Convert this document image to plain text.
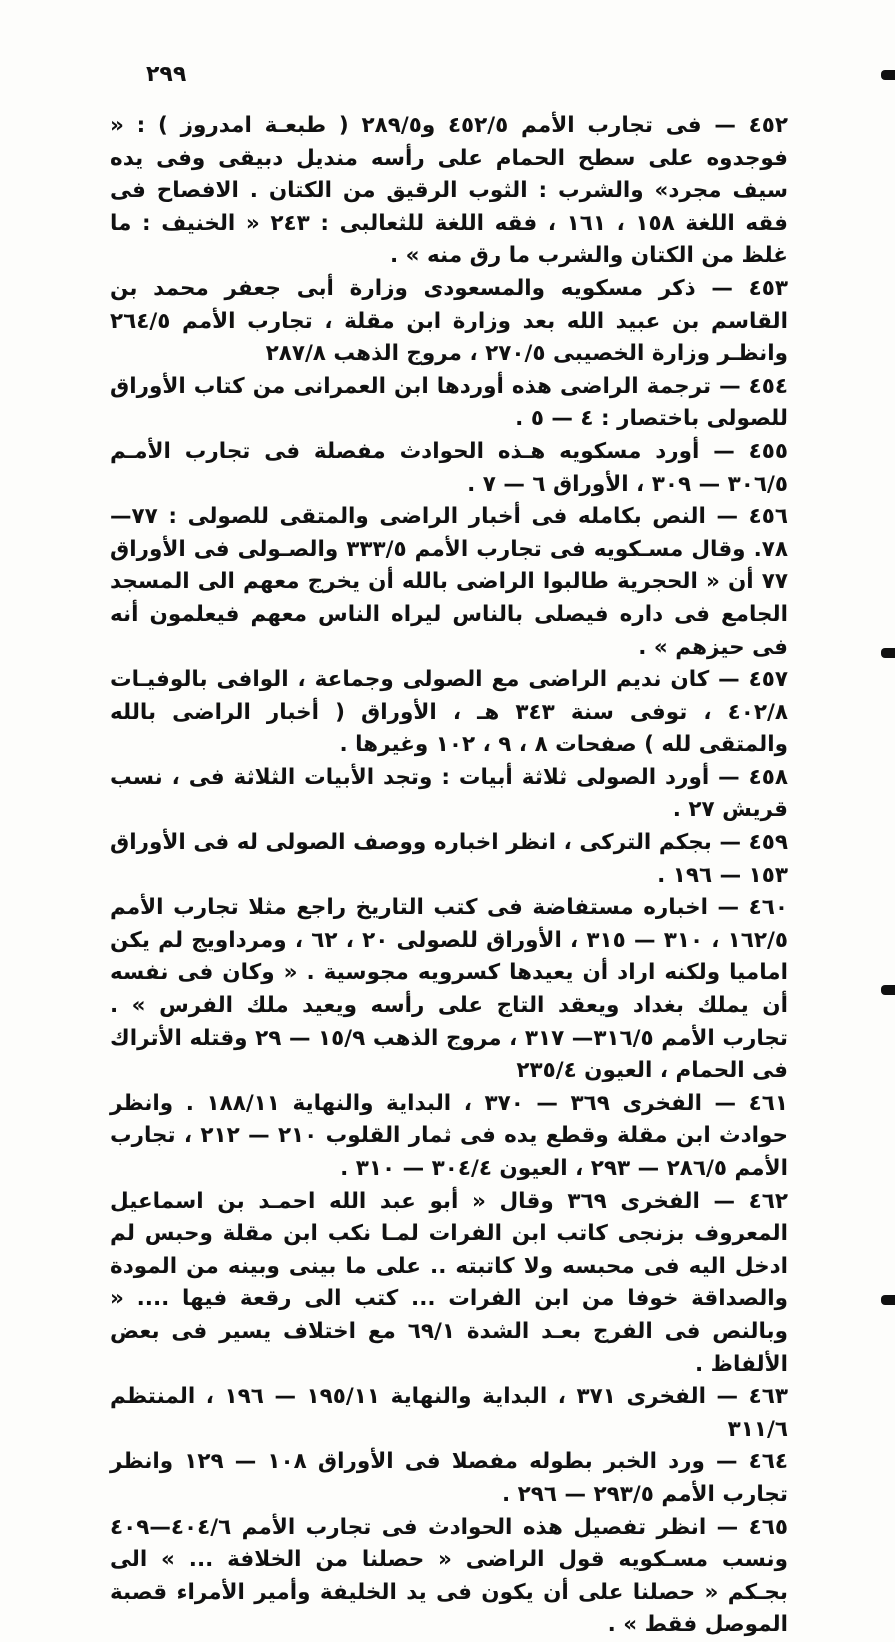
٢٩٩

٤٥٢ — فى تجارب الأمم ٤٥٢/٥ و٢٨٩/٥ ( طبعـة امدروز ) : « فوجدوه على سطح الحمام على رأسه منديل دبيقى وفى يده سيف مجرد» والشرب : الثوب الرقيق من الكتان . الافصاح فى فقه اللغة ١٥٨ ، ١٦١ ، فقه اللغة للثعالبى : ٢٤٣ « الخنيف : ما غلظ من الكتان والشرب ما رق منه » .

٤٥٣ — ذكر مسكويه والمسعودى وزارة أبى جعفر محمد بن القاسم بن عبيد الله بعد وزارة ابن مقلة ، تجارب الأمم ٢٦٤/٥ وانظـر وزارة الخصيبى ٢٧٠/٥ ، مروج الذهب ٢٨٧/٨

٤٥٤ — ترجمة الراضى هذه أوردها ابن العمرانى من كتاب الأوراق للصولى باختصار : ٤ — ٥ .

٤٥٥ — أورد مسكويه هـذه الحوادث مفصلة فى تجارب الأمـم ٣٠٦/٥ — ٣٠٩ ، الأوراق ٦ — ٧ .

٤٥٦ — النص بكامله فى أخبار الراضى والمتقى للصولى : ٧٧—٧٨. وقال مسـكويه فى تجارب الأمم ٣٣٣/٥ والصـولى فى الأوراق ٧٧ أن « الحجرية طالبوا الراضى بالله أن يخرج معهم الى المسجد الجامع فى داره فيصلى بالناس ليراه الناس معهم فيعلمون أنه فى حيزهم » .

٤٥٧ — كان نديم الراضى مع الصولى وجماعة ، الوافى بالوفيـات ٤٠٢/٨ ، توفى سنة ٣٤٣ هـ ، الأوراق ( أخبار الراضى بالله والمتقى لله ) صفحات ٨ ، ٩ ، ١٠٢ وغيرها .

٤٥٨ — أورد الصولى ثلاثة أبيات : وتجد الأبيات الثلاثة فى ، نسب قريش ٢٧ .

٤٥٩ — بجكم التركى ، انظر اخباره ووصف الصولى له فى الأوراق ١٥٣ — ١٩٦ .

٤٦٠ — اخباره مستفاضة فى كتب التاريخ راجع مثلا تجارب الأمم ١٦٢/٥ ، ٣١٠ — ٣١٥ ، الأوراق للصولى ٢٠ ، ٦٢ ، ومرداويج لم يكن اماميا ولكنه اراد أن يعيدها كسرويه مجوسية . « وكان فى نفسه أن يملك بغداد ويعقد التاج على رأسه ويعيد ملك الفرس » . تجارب الأمم ٣١٦/٥— ٣١٧ ، مروج الذهب ١٥/٩ — ٢٩ وقتله الأتراك فى الحمام ، العيون ٢٣٥/٤

٤٦١ — الفخرى ٣٦٩ — ٣٧٠ ، البداية والنهاية ١٨٨/١١ . وانظر حوادث ابن مقلة وقطع يده فى ثمار القلوب ٢١٠ — ٢١٢ ، تجارب الأمم ٢٨٦/٥ — ٢٩٣ ، العيون ٣٠٤/٤ — ٣١٠ .

٤٦٢ — الفخرى ٣٦٩ وقال « أبو عبد الله احمـد بن اسماعيل المعروف بزنجى كاتب ابن الفرات لمـا نكب ابن مقلة وحبس لم ادخل اليه فى محبسه ولا كاتبته .. على ما بينى وبينه من المودة والصداقة خوفا من ابن الفرات ... كتب الى رقعة فيها .... « وبالنص فى الفرج بعـد الشدة ٦٩/١ مع اختلاف يسير فى بعض الألفاظ .

٤٦٣ — الفخرى ٣٧١ ، البداية والنهاية ١٩٥/١١ — ١٩٦ ، المنتظم ٣١١/٦

٤٦٤ — ورد الخبر بطوله مفصلا فى الأوراق ١٠٨ — ١٢٩ وانظر تجارب الأمم ٢٩٣/٥ — ٢٩٦ .

٤٦٥ — انظر تفصيل هذه الحوادث فى تجارب الأمم ٤٠٤/٦—٤٠٩ ونسب مسـكويه قول الراضى « حصلنا من الخلافة ... » الى بجـكم « حصلنا على أن يكون فى يد الخليفة وأمير الأمراء قصبة الموصل فقط » .
